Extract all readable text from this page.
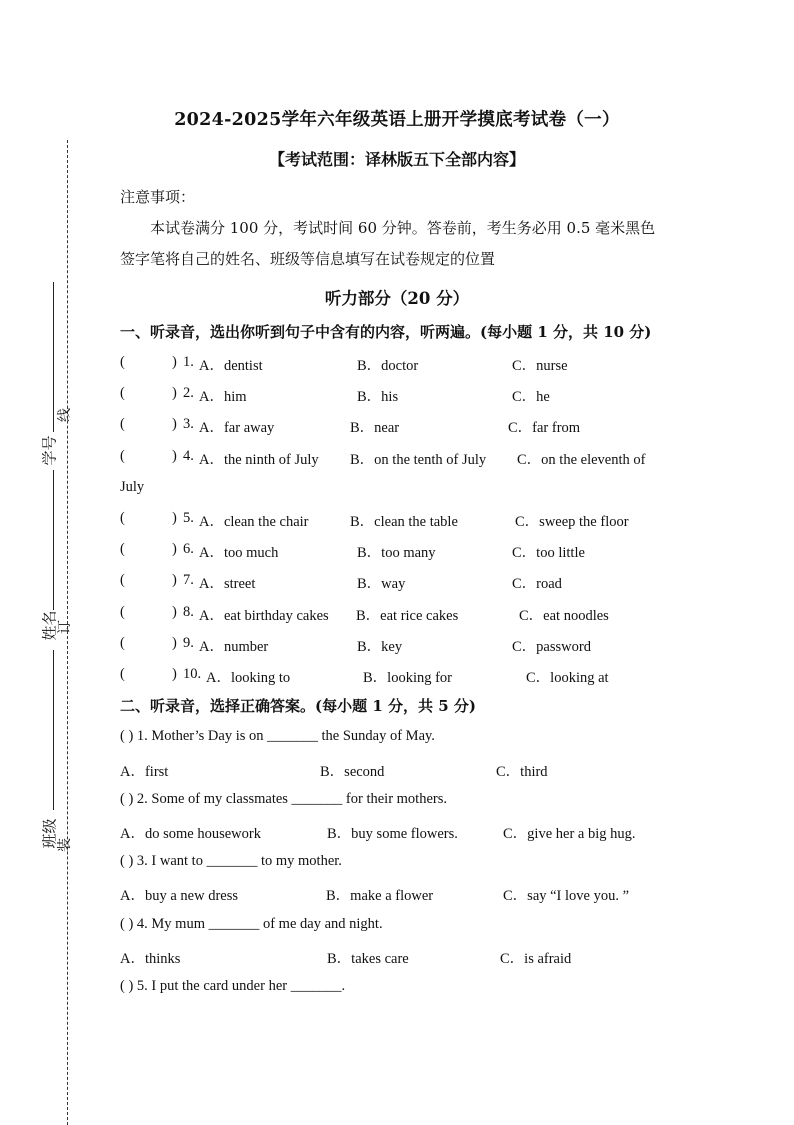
学号
姓名
班级
线
订
装
2024-2025学年六年级英语上册开学摸底考试卷（一）
【考试范围：译林版五下全部内容】
注意事项：
本试卷满分 100 分，考试时间 60 分钟。答卷前，考生务必用 0.5 毫米黑色
签字笔将自己的姓名、班级等信息填写在试卷规定的位置
听力部分（20 分）
一、听录音，选出你听到句子中含有的内容，听两遍。(每小题 1 分，共 10 分)
(	) 1. A．dentist	B．doctor	C．nurse
(	) 2. A．him	B．his	C．he
(	) 3. A．far away	B．near	C．far from
(	) 4. A．the ninth of July B．on the tenth of July C．on the eleventh of
July
(	) 5. A．clean the chair	B．clean the table	C．sweep the floor
(	) 6. A．too much	B．too many	C．too little
(	) 7. A．street	B．way	C．road
(	) 8. A．eat birthday cakes B．eat rice cakes	C．eat noodles
(	) 9. A．number	B．key	C．password
(	) 10. A．looking to	B．looking for	C．looking at
二、听录音，选择正确答案。(每小题 1 分，共 5 分)
( ) 1. Mother’s Day is on _______ the Sunday of May.
A．first	B．second	C．third
( ) 2. Some of my classmates _______ for their mothers.
A．do some housework	B．buy some flowers.	C．give her a big hug.
( ) 3. I want to _______ to my mother.
A．buy a new dress	B．make a flower	C．say “I love you. ”
( ) 4. My mum _______ of me day and night.
A．thinks	B．takes care	C．is afraid
( ) 5. I put the card under her _______.
